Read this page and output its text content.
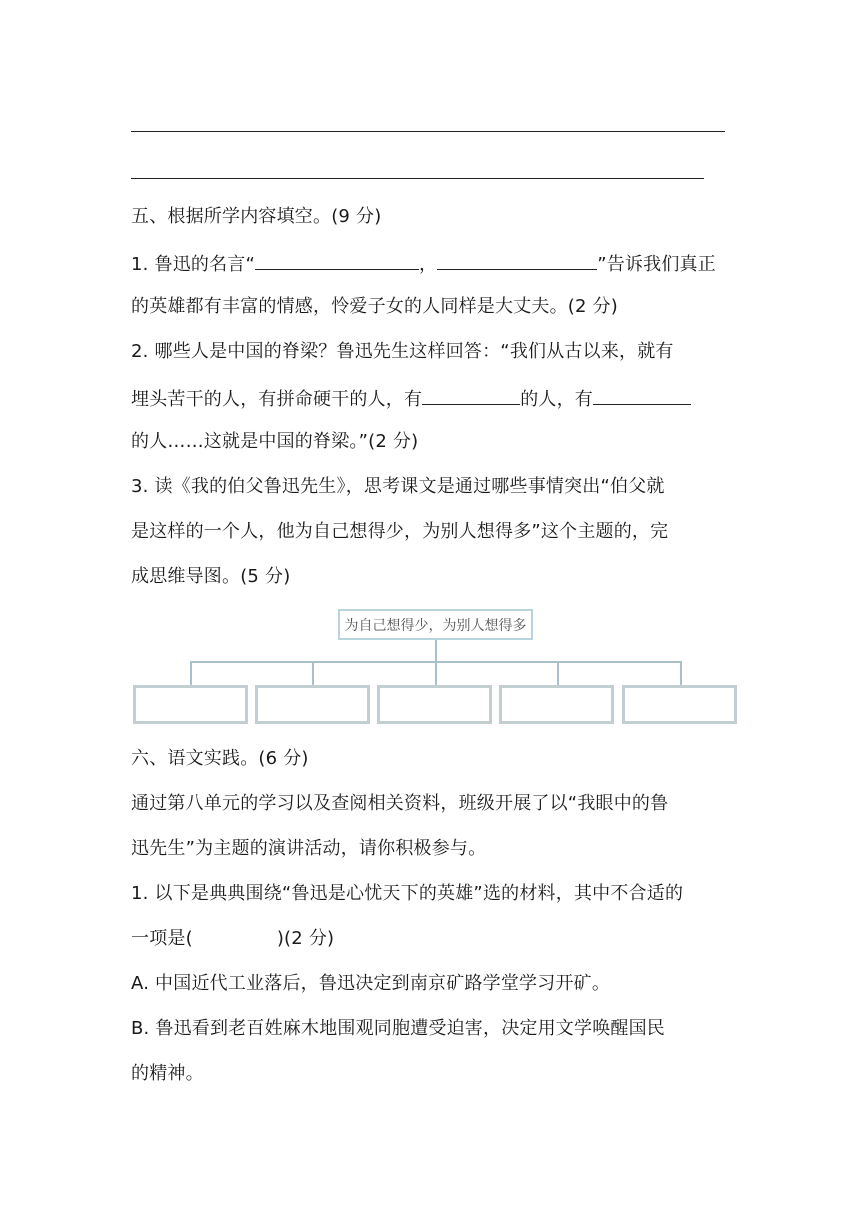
五、根据所学内容填空。(9 分)
1. 鲁迅的名言“	，	”告诉我们真正
的英雄都有丰富的情感，怜爱子女的人同样是大丈夫。(2 分)
2. 哪些人是中国的脊梁？鲁迅先生这样回答：“我们从古以来，就有
埋头苦干的人，有拼命硬干的人，有	的人，有
的人……这就是中国的脊梁。”(2 分)
3. 读《我的伯父鲁迅先生》，思考课文是通过哪些事情突出“伯父就
是这样的一个人，他为自己想得少，为别人想得多”这个主题的，完
成思维导图。(5 分)
为自己想得少，为别人想得多
六、语文实践。(6 分)
通过第八单元的学习以及查阅相关资料，班级开展了以“我眼中的鲁
迅先生”为主题的演讲活动，请你积极参与。
1. 以下是典典围绕“鲁迅是心忧天下的英雄”选的材料，其中不合适的
一项是(	)(2 分)
A. 中国近代工业落后，鲁迅决定到南京矿路学堂学习开矿。
B. 鲁迅看到老百姓麻木地围观同胞遭受迫害，决定用文学唤醒国民
的精神。
